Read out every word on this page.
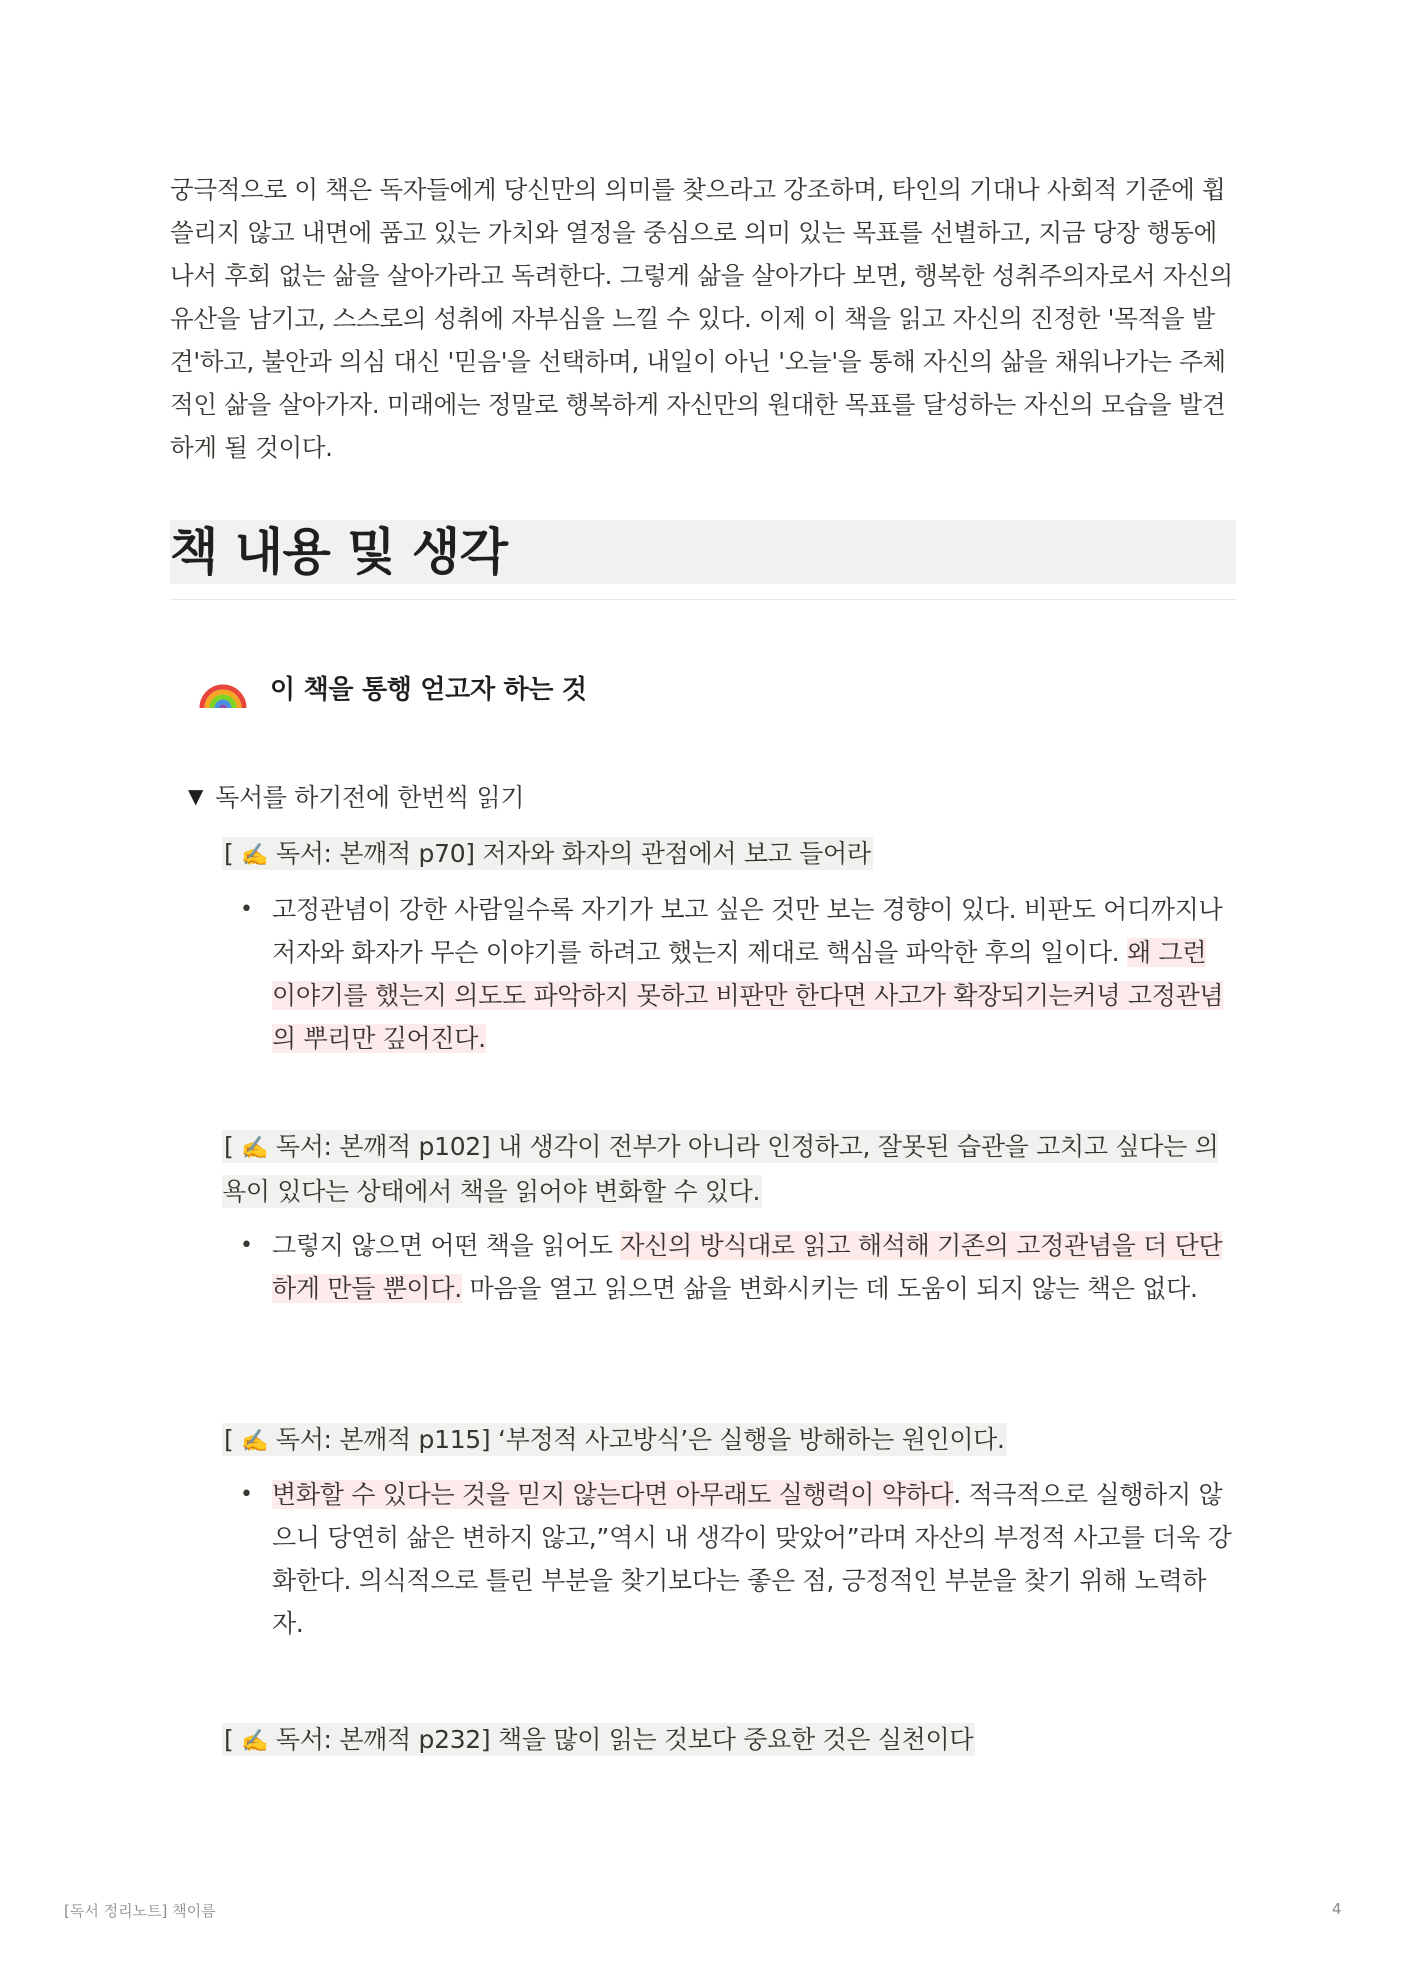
궁극적으로 이 책은 독자들에게 당신만의 의미를 찾으라고 강조하며, 타인의 기대나 사회적 기준에 휩쓸리지 않고 내면에 품고 있는 가치와 열정을 중심으로 의미 있는 목표를 선별하고, 지금 당장 행동에 나서 후회 없는 삶을 살아가라고 독려한다. 그렇게 삶을 살아가다 보면, 행복한 성취주의자로서 자신의 유산을 남기고, 스스로의 성취에 자부심을 느낄 수 있다. 이제 이 책을 읽고 자신의 진정한 '목적을 발견'하고, 불안과 의심 대신 '믿음'을 선택하며, 내일이 아닌 '오늘'을 통해 자신의 삶을 채워나가는 주체적인 삶을 살아가자. 미래에는 정말로 행복하게 자신만의 원대한 목표를 달성하는 자신의 모습을 발견하게 될 것이다.

책 내용 및 생각
이 책을 통행 얻고자 하는 것
▼ 독서를 하기전에 한번씩 읽기
[ ✍️ 독서: 본깨적 p70] 저자와 화자의 관점에서 보고 들어라
• 고정관념이 강한 사람일수록 자기가 보고 싶은 것만 보는 경향이 있다. 비판도 어디까지나 저자와 화자가 무슨 이야기를 하려고 했는지 제대로 핵심을 파악한 후의 일이다. 왜 그런 이야기를 했는지 의도도 파악하지 못하고 비판만 한다면 사고가 확장되기는커녕 고정관념의 뿌리만 깊어진다.
[ ✍️ 독서: 본깨적 p102] 내 생각이 전부가 아니라 인정하고, 잘못된 습관을 고치고 싶다는 의욕이 있다는 상태에서 책을 읽어야 변화할 수 있다.
• 그렇지 않으면 어떤 책을 읽어도 자신의 방식대로 읽고 해석해 기존의 고정관념을 더 단단하게 만들 뿐이다. 마음을 열고 읽으면 삶을 변화시키는 데 도움이 되지 않는 책은 없다.
[ ✍️ 독서: 본깨적 p115] ‘부정적 사고방식’은 실행을 방해하는 원인이다.
• 변화할 수 있다는 것을 믿지 않는다면 아무래도 실행력이 약하다. 적극적으로 실행하지 않으니 당연히 삶은 변하지 않고,”역시 내 생각이 맞았어”라며 자산의 부정적 사고를 더욱 강화한다. 의식적으로 틀린 부분을 찾기보다는 좋은 점, 긍정적인 부분을 찾기 위해 노력하자.
[ ✍️ 독서: 본깨적 p232] 책을 많이 읽는 것보다 중요한 것은 실천이다
[독서 정리노트] 책이름	4
